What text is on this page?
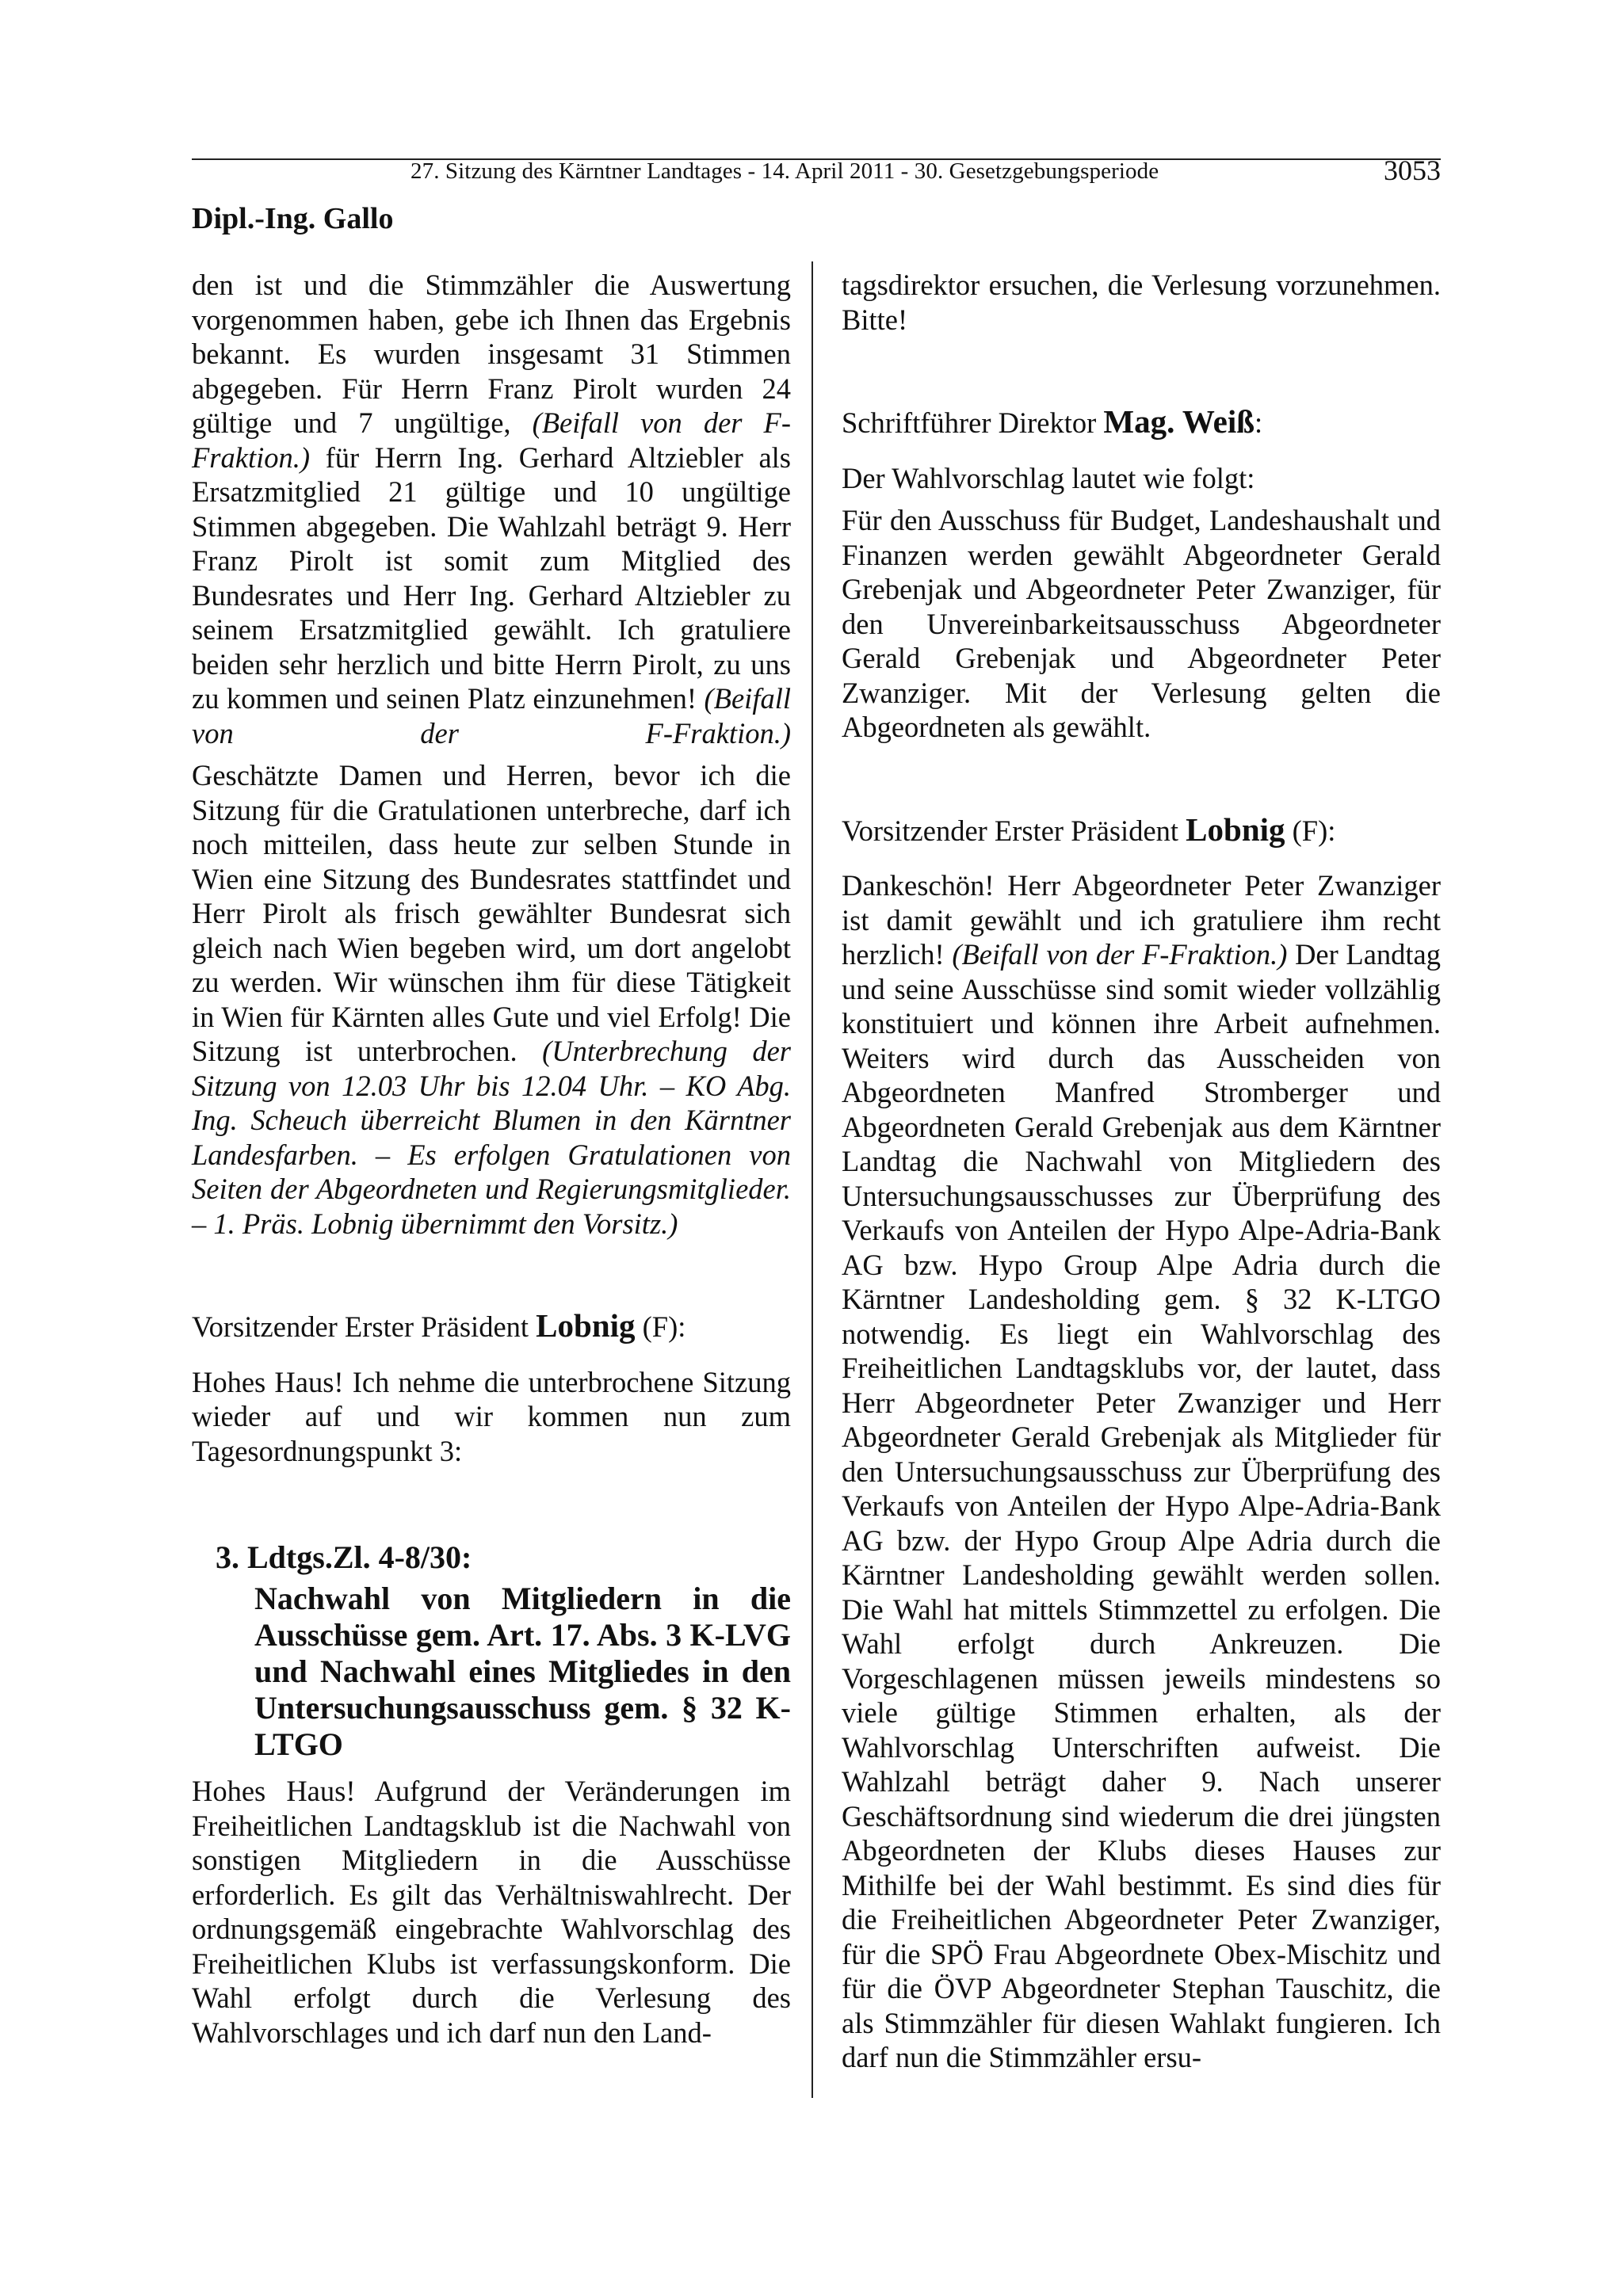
27. Sitzung des Kärntner Landtages - 14. April 2011 - 30. Gesetzgebungsperiode	3053
Dipl.-Ing. Gallo

den ist und die Stimmzähler die Auswertung vorgenommen haben, gebe ich Ihnen das Ergebnis bekannt. Es wurden insgesamt 31 Stimmen abgegeben. Für Herrn Franz Pirolt wurden 24 gültige und 7 ungültige, (Beifall von der F-Fraktion.) für Herrn Ing. Gerhard Altziebler als Ersatzmitglied 21 gültige und 10 ungültige Stimmen abgegeben. Die Wahlzahl beträgt 9. Herr Franz Pirolt ist somit zum Mitglied des Bundesrates und Herr Ing. Gerhard Altziebler zu seinem Ersatzmitglied gewählt. Ich gratuliere beiden sehr herzlich und bitte Herrn Pirolt, zu uns zu kommen und seinen Platz einzunehmen! (Beifall von der F-Fraktion.)

Geschätzte Damen und Herren, bevor ich die Sitzung für die Gratulationen unterbreche, darf ich noch mitteilen, dass heute zur selben Stunde in Wien eine Sitzung des Bundesrates stattfindet und Herr Pirolt als frisch gewählter Bundesrat sich gleich nach Wien begeben wird, um dort angelobt zu werden. Wir wünschen ihm für diese Tätigkeit in Wien für Kärnten alles Gute und viel Erfolg! Die Sitzung ist unterbrochen. (Unterbrechung der Sitzung von 12.03 Uhr bis 12.04 Uhr. – KO Abg. Ing. Scheuch überreicht Blumen in den Kärntner Landesfarben. – Es erfolgen Gratulationen von Seiten der Abgeordneten und Regierungsmitglieder. – 1. Präs. Lobnig übernimmt den Vorsitz.)

Vorsitzender Erster Präsident Lobnig (F):

Hohes Haus! Ich nehme die unterbrochene Sitzung wieder auf und wir kommen nun zum Tagesordnungspunkt 3:

3. Ldtgs.Zl. 4-8/30:
Nachwahl von Mitgliedern in die Ausschüsse gem. Art. 17. Abs. 3 K-LVG und Nachwahl eines Mitgliedes in den Untersuchungsausschuss gem. § 32 K-LTGO

Hohes Haus! Aufgrund der Veränderungen im Freiheitlichen Landtagsklub ist die Nachwahl von sonstigen Mitgliedern in die Ausschüsse erforderlich. Es gilt das Verhältniswahlrecht. Der ordnungsgemäß eingebrachte Wahlvorschlag des Freiheitlichen Klubs ist verfassungskonform. Die Wahl erfolgt durch die Verlesung des Wahlvorschlages und ich darf nun den Land-

tagsdirektor ersuchen, die Verlesung vorzunehmen. Bitte!

Schriftführer Direktor Mag. Weiß:

Der Wahlvorschlag lautet wie folgt:

Für den Ausschuss für Budget, Landeshaushalt und Finanzen werden gewählt Abgeordneter Gerald Grebenjak und Abgeordneter Peter Zwanziger, für den Unvereinbarkeitsausschuss Abgeordneter Gerald Grebenjak und Abgeordneter Peter Zwanziger. Mit der Verlesung gelten die Abgeordneten als gewählt.

Vorsitzender Erster Präsident Lobnig (F):

Dankeschön! Herr Abgeordneter Peter Zwanziger ist damit gewählt und ich gratuliere ihm recht herzlich! (Beifall von der F-Fraktion.) Der Landtag und seine Ausschüsse sind somit wieder vollzählig konstituiert und können ihre Arbeit aufnehmen. Weiters wird durch das Ausscheiden von Abgeordneten Manfred Stromberger und Abgeordneten Gerald Grebenjak aus dem Kärntner Landtag die Nachwahl von Mitgliedern des Untersuchungsausschusses zur Überprüfung des Verkaufs von Anteilen der Hypo Alpe-Adria-Bank AG bzw. Hypo Group Alpe Adria durch die Kärntner Landesholding gem. § 32 K-LTGO notwendig. Es liegt ein Wahlvorschlag des Freiheitlichen Landtagsklubs vor, der lautet, dass Herr Abgeordneter Peter Zwanziger und Herr Abgeordneter Gerald Grebenjak als Mitglieder für den Untersuchungsausschuss zur Überprüfung des Verkaufs von Anteilen der Hypo Alpe-Adria-Bank AG bzw. der Hypo Group Alpe Adria durch die Kärntner Landesholding gewählt werden sollen. Die Wahl hat mittels Stimmzettel zu erfolgen. Die Wahl erfolgt durch Ankreuzen. Die Vorgeschlagenen müssen jeweils mindestens so viele gültige Stimmen erhalten, als der Wahlvorschlag Unterschriften aufweist. Die Wahlzahl beträgt daher 9. Nach unserer Geschäftsordnung sind wiederum die drei jüngsten Abgeordneten der Klubs dieses Hauses zur Mithilfe bei der Wahl bestimmt. Es sind dies für die Freiheitlichen Abgeordneter Peter Zwanziger, für die SPÖ Frau Abgeordnete Obex-Mischitz und für die ÖVP Abgeordneter Stephan Tauschitz, die als Stimmzähler für diesen Wahlakt fungieren. Ich darf nun die Stimmzähler ersu-
